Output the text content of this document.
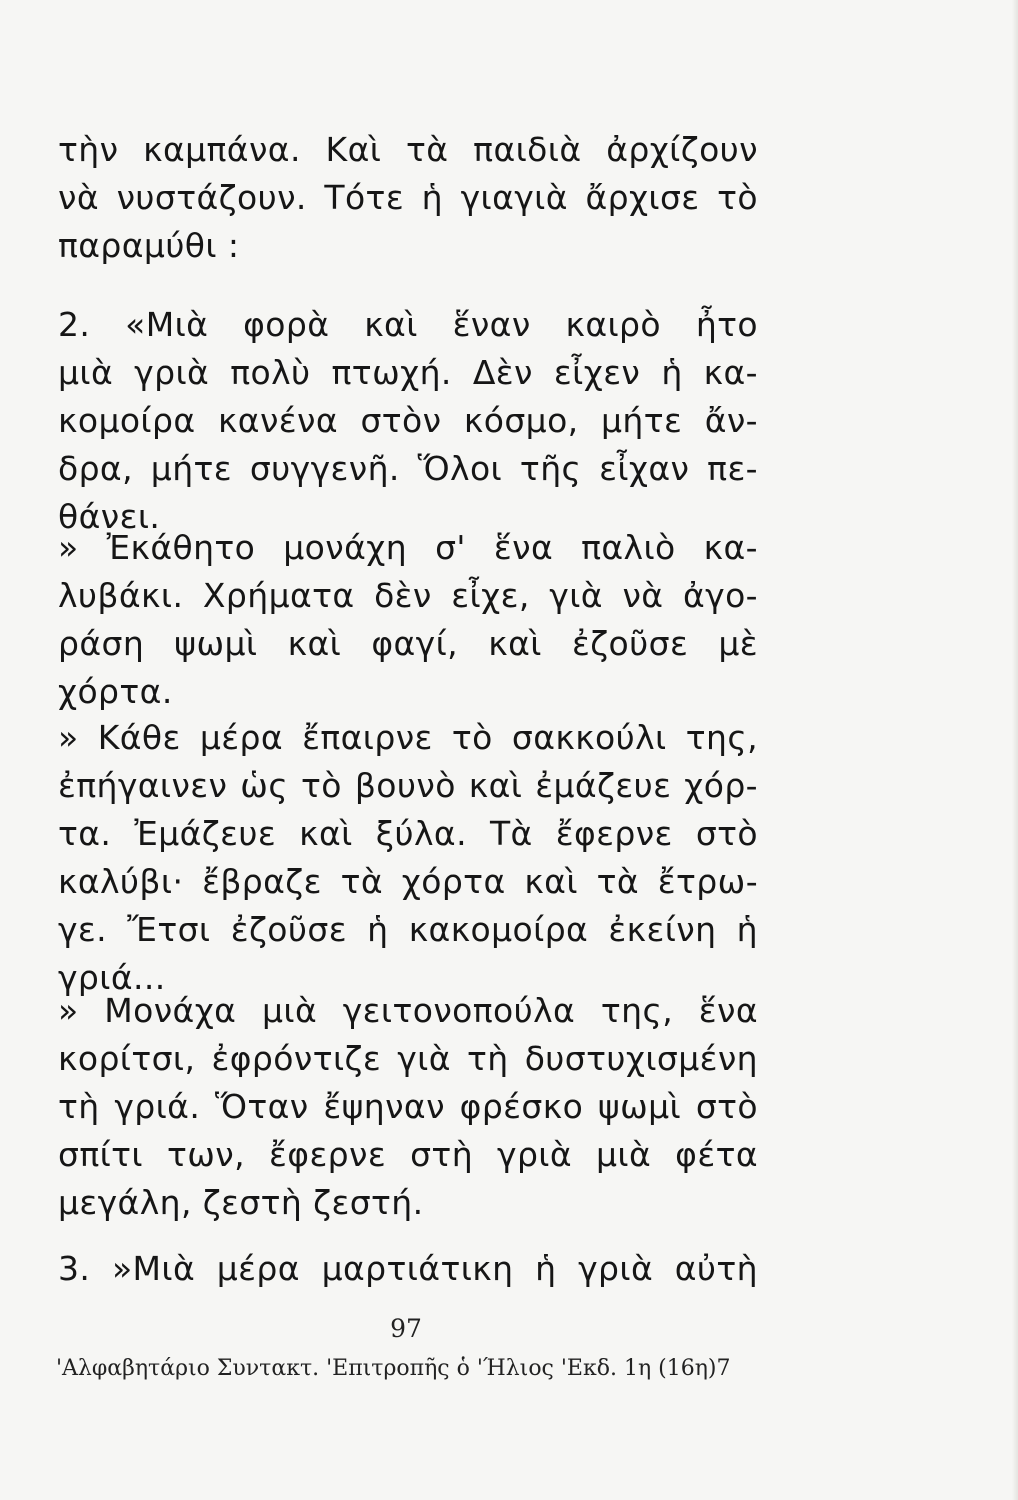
τὴν καμπάνα. Καὶ τὰ παιδιὰ ἀρχίζουν
νὰ νυστάζουν. Τότε ἡ γιαγιὰ ἄρχισε τὸ
παραμύθι :
2. «Μιὰ φορὰ καὶ ἕναν καιρὸ ἦτο
μιὰ γριὰ πολὺ πτωχή. Δὲν εἶχεν ἡ κα-
κομοίρα κανένα στὸν κόσμο, μήτε ἄν-
δρα, μήτε συγγενῆ. Ὅλοι τῆς εἶχαν πε-
θάνει.
» Ἐκάθητο μονάχη σ' ἕνα παλιὸ κα-
λυβάκι. Χρήματα δὲν εἶχε, γιὰ νὰ ἀγο-
ράση ψωμὶ καὶ φαγί, καὶ ἐζοῦσε μὲ
χόρτα.
» Κάθε μέρα ἔπαιρνε τὸ σακκούλι της,
ἐπήγαινεν ὡς τὸ βουνὸ καὶ ἐμάζευε χόρ-
τα. Ἐμάζευε καὶ ξύλα. Τὰ ἔφερνε στὸ
καλύβι· ἔβραζε τὰ χόρτα καὶ τὰ ἔτρω-
γε. Ἔτσι ἐζοῦσε ἡ κακομοίρα ἐκείνη ἡ
γριά...
» Μονάχα μιὰ γειτονοπούλα της, ἕνα
κορίτσι, ἐφρόντιζε γιὰ τὴ δυστυχισμένη
τὴ γριά. Ὅταν ἔψηναν φρέσκο ψωμὶ στὸ
σπίτι των, ἔφερνε στὴ γριὰ μιὰ φέτα
μεγάλη, ζεστὴ ζεστή.
3. »Μιὰ μέρα μαρτιάτικη ἡ γριὰ αὐτὴ
97
'Αλφαβητάριο Συντακτ. 'Επιτροπῆς ὁ 'Ήλιος 'Εκδ. 1η (16η) 7
